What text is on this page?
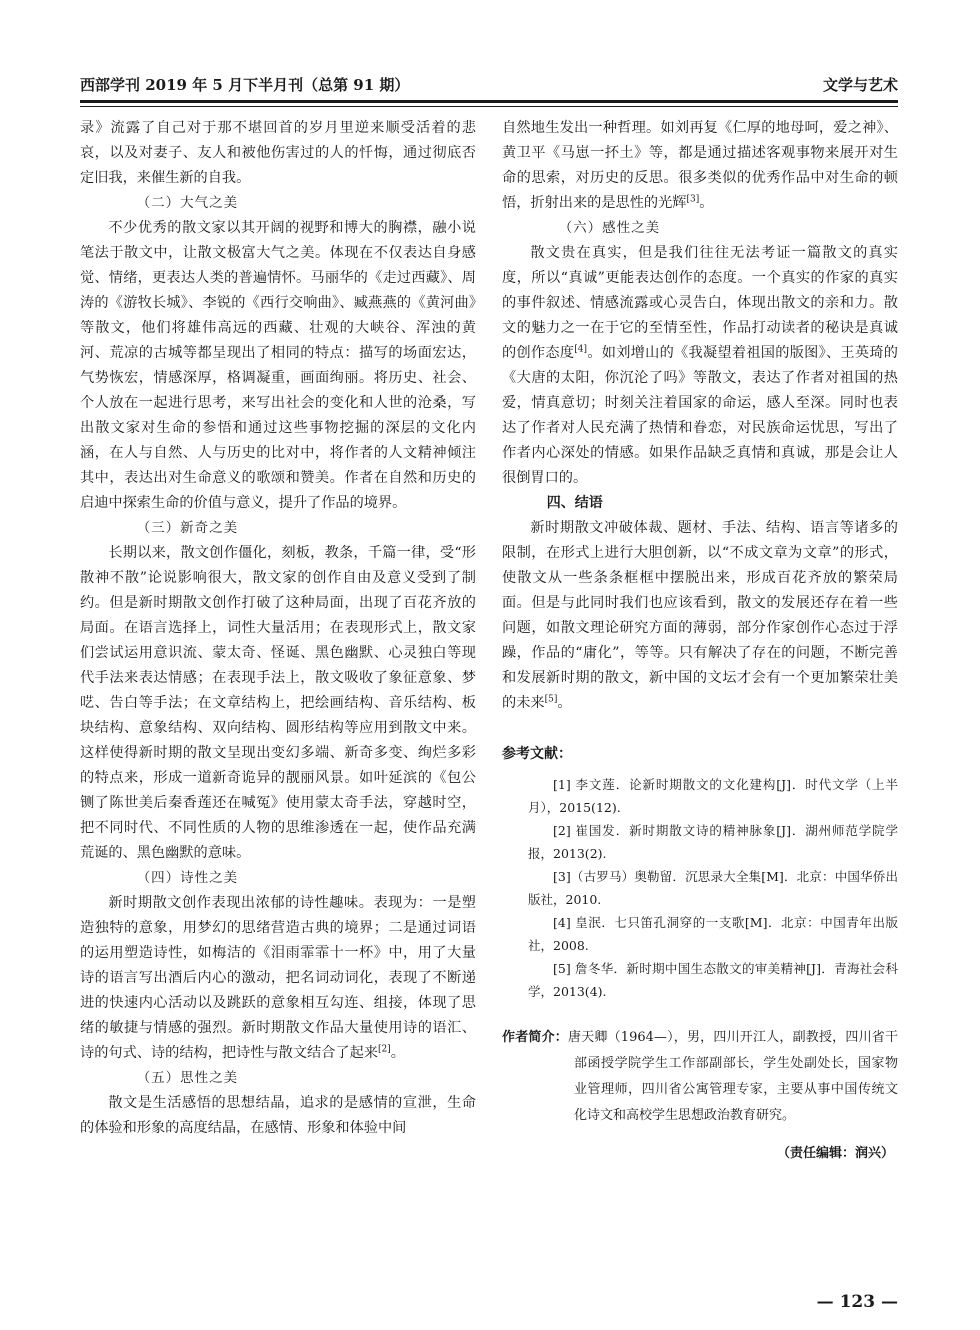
西部学刊 2019 年 5 月下半月刊（总第 91 期）	文学与艺术

录》流露了自己对于那不堪回首的岁月里逆来顺受活着的悲哀，以及对妻子、友人和被他伤害过的人的忏悔，通过彻底否定旧我，来催生新的自我。

（二）大气之美

不少优秀的散文家以其开阔的视野和博大的胸襟，融小说笔法于散文中，让散文极富大气之美。体现在不仅表达自身感觉、情绪，更表达人类的普遍情怀。马丽华的《走过西藏》、周涛的《游牧长城》、李锐的《西行交响曲》、臧燕燕的《黄河曲》等散文，他们将雄伟高远的西藏、壮观的大峡谷、浑浊的黄河、荒凉的古城等都呈现出了相同的特点：描写的场面宏达，气势恢宏，情感深厚，格调凝重，画面绚丽。将历史、社会、个人放在一起进行思考，来写出社会的变化和人世的沧桑，写出散文家对生命的参悟和通过这些事物挖掘的深层的文化内涵，在人与自然、人与历史的比对中，将作者的人文精神倾注其中，表达出对生命意义的歌颂和赞美。作者在自然和历史的启迪中探索生命的价值与意义，提升了作品的境界。

（三）新奇之美

长期以来，散文创作僵化，刻板，教条，千篇一律，受“形散神不散”论说影响很大，散文家的创作自由及意义受到了制约。但是新时期散文创作打破了这种局面，出现了百花齐放的局面。在语言选择上，词性大量活用；在表现形式上，散文家们尝试运用意识流、蒙太奇、怪诞、黑色幽默、心灵独白等现代手法来表达情感；在表现手法上，散文吸收了象征意象、梦呓、告白等手法；在文章结构上，把绘画结构、音乐结构、板块结构、意象结构、双向结构、圆形结构等应用到散文中来。这样使得新时期的散文呈现出变幻多端、新奇多变、绚烂多彩的特点来，形成一道新奇诡异的靓丽风景。如叶延滨的《包公铡了陈世美后秦香莲还在喊冤》使用蒙太奇手法，穿越时空，把不同时代、不同性质的人物的思维渗透在一起，使作品充满荒诞的、黑色幽默的意味。

（四）诗性之美

新时期散文创作表现出浓郁的诗性趣味。表现为：一是塑造独特的意象，用梦幻的思绪营造古典的境界；二是通过词语的运用塑造诗性，如梅洁的《泪雨霏霏十一杯》中，用了大量诗的语言写出酒后内心的激动，把名词动词化，表现了不断递进的快速内心活动以及跳跃的意象相互勾连、组接，体现了思绪的敏捷与情感的强烈。新时期散文作品大量使用诗的语汇、诗的句式、诗的结构，把诗性与散文结合了起来[2]。

（五）思性之美

散文是生活感悟的思想结晶，追求的是感情的宣泄，生命的体验和形象的高度结晶，在感情、形象和体验中间

自然地生发出一种哲理。如刘再复《仁厚的地母呵，爱之神》、黄卫平《马崽一抔土》等，都是通过描述客观事物来展开对生命的思索，对历史的反思。很多类似的优秀作品中对生命的顿悟，折射出来的是思性的光辉[3]。

（六）感性之美

散文贵在真实，但是我们往往无法考证一篇散文的真实度，所以“真诚”更能表达创作的态度。一个真实的作家的真实的事件叙述、情感流露或心灵告白，体现出散文的亲和力。散文的魅力之一在于它的至情至性，作品打动读者的秘诀是真诚的创作态度[4]。如刘增山的《我凝望着祖国的版图》、王英琦的《大唐的太阳，你沉沦了吗》等散文，表达了作者对祖国的热爱，情真意切；时刻关注着国家的命运，感人至深。同时也表达了作者对人民充满了热情和眷恋，对民族命运忧思，写出了作者内心深处的情感。如果作品缺乏真情和真诚，那是会让人很倒胃口的。

四、结语

新时期散文冲破体裁、题材、手法、结构、语言等诸多的限制，在形式上进行大胆创新，以“不成文章为文章”的形式，使散文从一些条条框框中摆脱出来，形成百花齐放的繁荣局面。但是与此同时我们也应该看到，散文的发展还存在着一些问题，如散文理论研究方面的薄弱，部分作家创作心态过于浮躁，作品的“庸化”，等等。只有解决了存在的问题，不断完善和发展新时期的散文，新中国的文坛才会有一个更加繁荣壮美的未来[5]。

参考文献：

[1] 李文莲．论新时期散文的文化建构[J]．时代文学（上半月），2015(12).

[2] 崔国发．新时期散文诗的精神脉象[J]．湖州师范学院学报，2013(2).

[3]（古罗马）奥勒留．沉思录大全集[M]．北京：中国华侨出版社，2010.

[4] 皇泯．七只笛孔洞穿的一支歌[M]．北京：中国青年出版社，2008.

[5] 詹冬华．新时期中国生态散文的审美精神[J]．青海社会科学，2013(4).

作者简介：唐天卿（1964—），男，四川开江人，副教授，四川省干部函授学院学生工作部副部长，学生处副处长，国家物业管理师，四川省公寓管理专家，主要从事中国传统文化诗文和高校学生思想政治教育研究。
（责任编辑：润兴）
— 123 —
